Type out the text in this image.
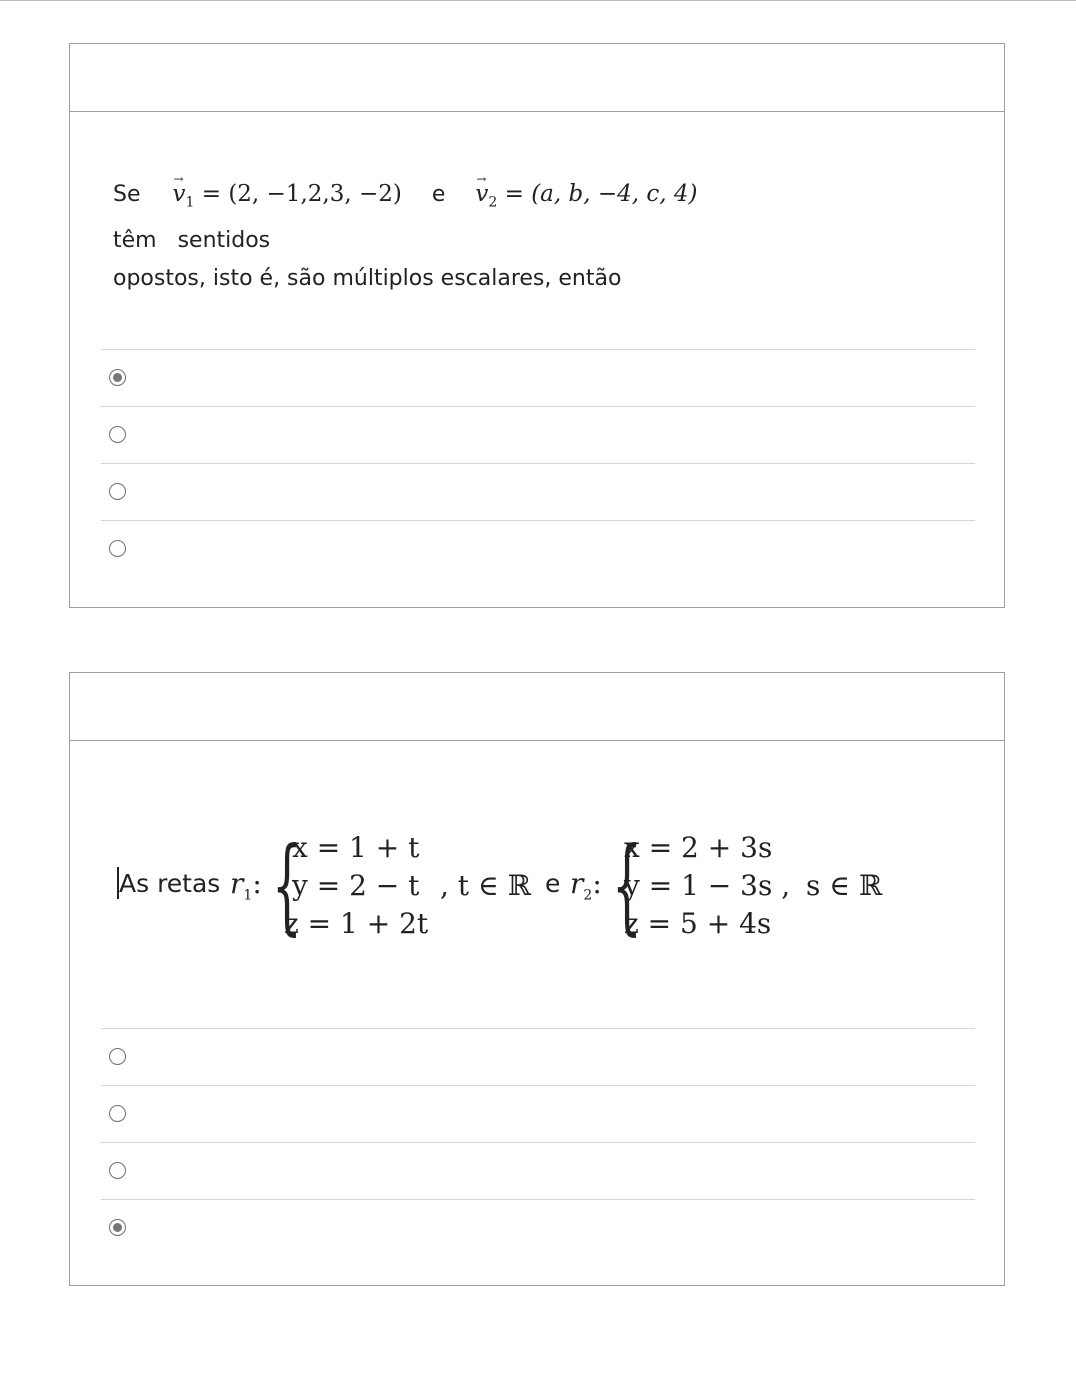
$Se \to v_1 = (2$, −1,2,3, −2) $e \to v_2 = (a$, b, −4, c, 4)  têm   sentidos
opostos, isto é, são múltiplos escalares, então
As retas $r_1$: {
x = 1 + t
y = 2 − t
z = 1 + 2t
, t ∈ ℝ e $r_2$: {
x = 2 + 3s
y = 1 − 3s ,
z = 5 + 4s
s ∈ ℝ
